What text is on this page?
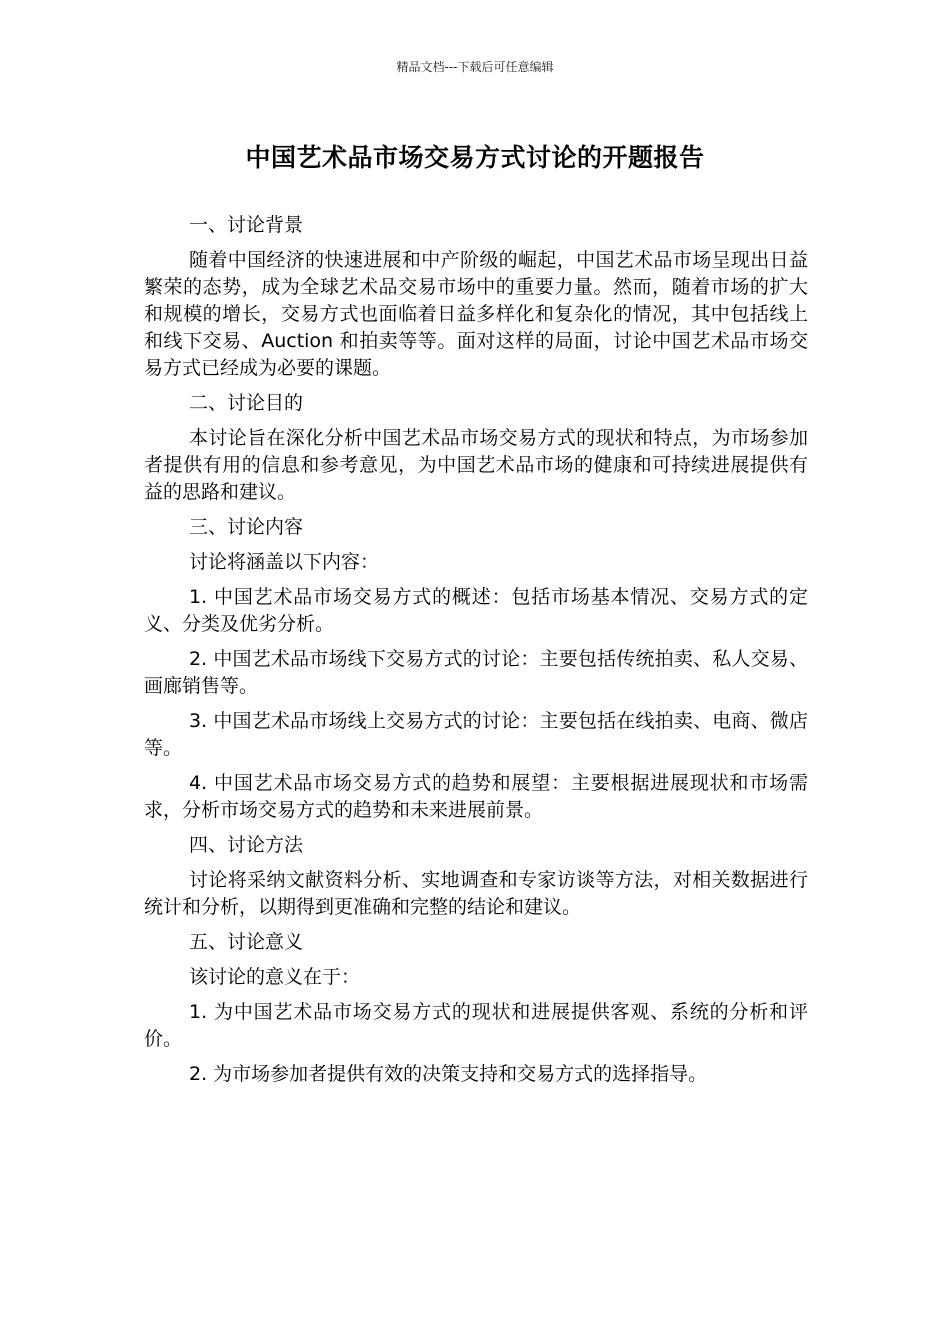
精品文档---下载后可任意编辑
中国艺术品市场交易方式讨论的开题报告

一、讨论背景

随着中国经济的快速进展和中产阶级的崛起，中国艺术品市场呈现出日益繁荣的态势，成为全球艺术品交易市场中的重要力量。然而，随着市场的扩大和规模的增长，交易方式也面临着日益多样化和复杂化的情况，其中包括线上和线下交易、Auction 和拍卖等等。面对这样的局面，讨论中国艺术品市场交易方式已经成为必要的课题。

二、讨论目的

本讨论旨在深化分析中国艺术品市场交易方式的现状和特点，为市场参加者提供有用的信息和参考意见，为中国艺术品市场的健康和可持续进展提供有益的思路和建议。

三、讨论内容

讨论将涵盖以下内容：

1. 中国艺术品市场交易方式的概述：包括市场基本情况、交易方式的定义、分类及优劣分析。

2. 中国艺术品市场线下交易方式的讨论：主要包括传统拍卖、私人交易、画廊销售等。

3. 中国艺术品市场线上交易方式的讨论：主要包括在线拍卖、电商、微店等。

4. 中国艺术品市场交易方式的趋势和展望：主要根据进展现状和市场需求，分析市场交易方式的趋势和未来进展前景。

四、讨论方法

讨论将采纳文献资料分析、实地调查和专家访谈等方法，对相关数据进行统计和分析，以期得到更准确和完整的结论和建议。

五、讨论意义

该讨论的意义在于：

1. 为中国艺术品市场交易方式的现状和进展提供客观、系统的分析和评价。

2. 为市场参加者提供有效的决策支持和交易方式的选择指导。
